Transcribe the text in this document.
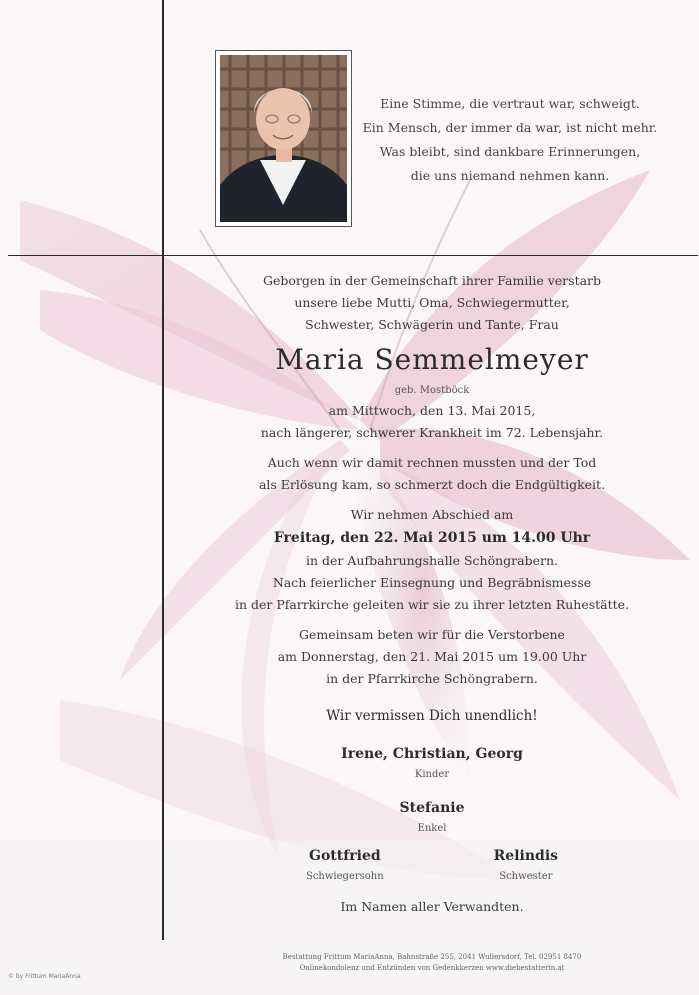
Eine Stimme, die vertraut war, schweigt.
Ein Mensch, der immer da war, ist nicht mehr.
Was bleibt, sind dankbare Erinnerungen,
die uns niemand nehmen kann.
Geborgen in der Gemeinschaft ihrer Familie verstarb
unsere liebe Mutti, Oma, Schwiegermutter,
Schwester, Schwägerin und Tante, Frau
Maria Semmelmeyer
geb. Mostböck
am Mittwoch, den 13. Mai 2015,
nach längerer, schwerer Krankheit im 72. Lebensjahr.
Auch wenn wir damit rechnen mussten und der Tod
als Erlösung kam, so schmerzt doch die Endgültigkeit.
Wir nehmen Abschied am
Freitag, den 22. Mai 2015 um 14.00 Uhr
in der Aufbahrungshalle Schöngrabern.
Nach feierlicher Einsegnung und Begräbnismesse
in der Pfarrkirche geleiten wir sie zu ihrer letzten Ruhestätte.
Gemeinsam beten wir für die Verstorbene
am Donnerstag, den 21. Mai 2015 um 19.00 Uhr
in der Pfarrkirche Schöngrabern.
Wir vermissen Dich unendlich!
Irene, Christian, Georg
Kinder
Stefanie
Enkel
Gottfried
Schwiegersohn
Relindis
Schwester
Im Namen aller Verwandten.
Bestattung Frittum MariaAnna, Bahnstraße 255, 2041 Wullersdorf, Tel. 02951 8470
Onlinekondolenz und Entzünden von Gedenkkerzen www.diebestatterin.at
© by Frittum MariaAnna
